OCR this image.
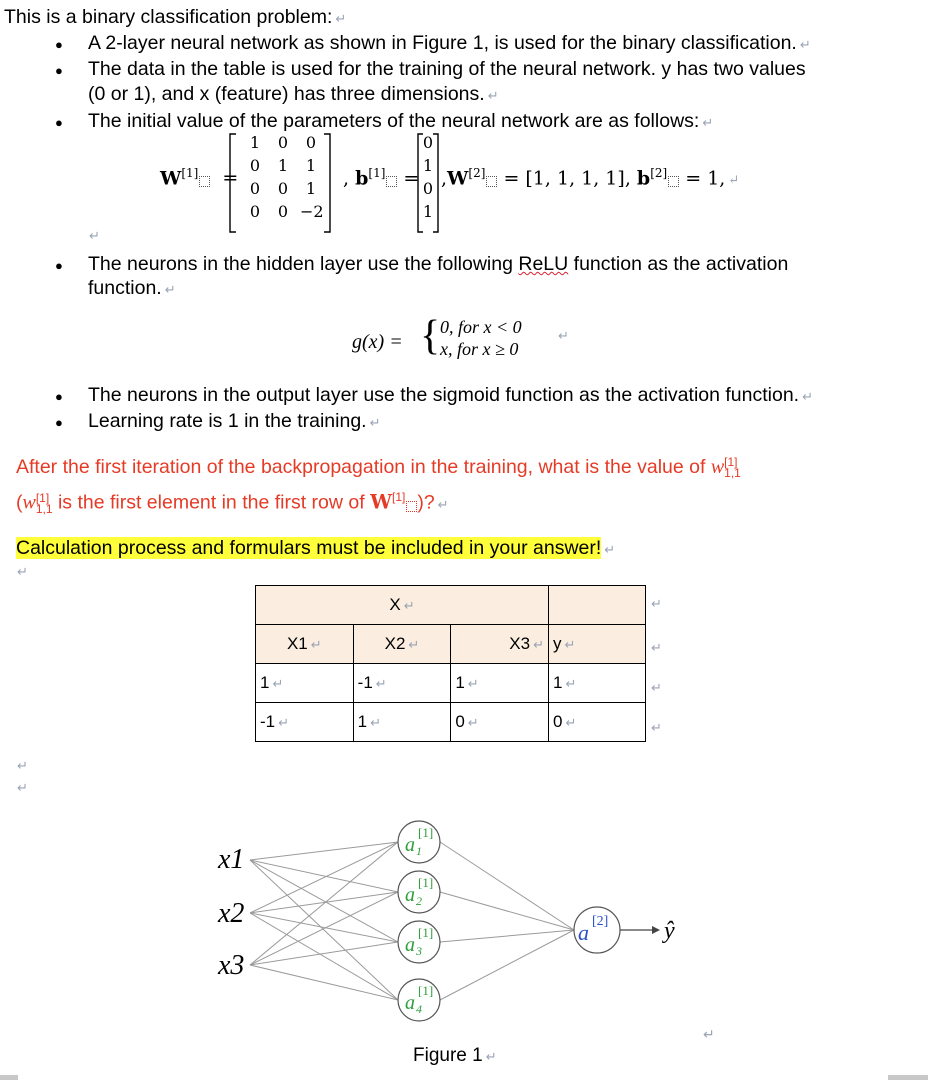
This is a binary classification problem: ↵
● A 2-layer neural network as shown in Figure 1, is used for the binary classification. ↵
● The data in the table is used for the training of the neural network. y has two values
(0 or 1), and x (feature) has three dimensions. ↵
● The initial value of the parameters of the neural network are as follows: ↵
W[1] =
1 0 0
0 1 1
0 0 1
0 0 −2
, b[1] =
0
1
0
1
,W[2] = [1, 1, 1, 1], b[2] = 1, ↵
↵
● The neurons in the hidden layer use the following ReLU function as the activation
function. ↵
g(x) = { 0, for x < 0
x, for x ≥ 0
↵
● The neurons in the output layer use the sigmoid function as the activation function. ↵
● Learning rate is 1 in the training. ↵
After the first iteration of the backpropagation in the training, what is the value of w [1]
1,1
(w [1]
1,1 is the first element in the first row of W[1] )? ↵
Calculation process and formulars must be included in your answer! ↵
↵
X ↵			
X1 ↵	X2 ↵	X3 ↵	y ↵
1 ↵	-1 ↵	1 ↵	1 ↵
-1 ↵	1 ↵	0 ↵	0 ↵
↵
↵
↵
↵
↵
↵
x1
x2
x3
a
[1]
1
a
[1]
2
a
[1]
3
a
[1]
4
a [2] ŷ
↵
Figure 1 ↵
